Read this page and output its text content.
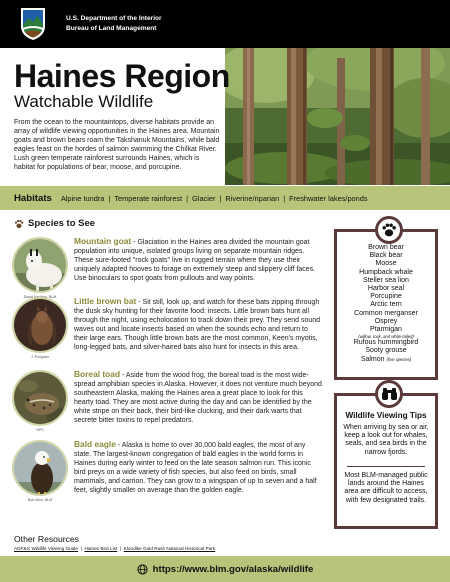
U.S. Department of the Interior
Bureau of Land Management
Haines Region
Watchable Wildlife

From the ocean to the mountaintops, diverse habitats provide an array of wildlife viewing opportunities in the Haines area. Mountain goats and brown bears roam the Takshanuk Mountains, while bald eagles feast on the hordes of salmon swimming the Chilkat River. Lush green temperate rainforest surrounds Haines, which is habitat for populations of bear, moose, and porcupine.

Habitats Alpine tundra | Temperate rainforest | Glacier | Riverine/riparian | Freshwater lakes/ponds
Species to See
David Nadolny, BLM

Mountain goat - Glaciation in the Haines area divided the mountain goat population into unique, isolated groups living on separate mountain ridges. These sure-footed "rock goats" live in rugged terrain where they use their uniquely adapted hooves to forage on extremely steep and slippery cliff faces. Use binoculars to spot goats from pullouts and way points.

J. Pongratz

Little brown bat - Sit still, look up, and watch for these bats zipping through the dusk sky hunting for their favorite food: insects. Little brown bats hunt all through the night, using echolocation to track down their prey. They send sound waves out and locate insects based on when the sounds echo and return to their large ears. Though little brown bats are the most common, Keen's myotis, long-legged bats, and silver-haired bats also hunt for insects in this area.

NPS

Boreal toad - Aside from the wood frog, the boreal toad is the most wide-spread amphibian species in Alaska. However, it does not venture much beyond southeastern Alaska, making the Haines area a great place to look for this hearty toad. They are most active during the day and can be identified by the white stripe on their back, their bird-like clucking, and their dark warts that secrete bitter toxins to repel predators.

Bob Wick, BLM

Bald eagle - Alaska is home to over 30,000 bald eagles, the most of any state. The largest-known congregation of bald eagles in the world forms in Haines during early winter to feed on the late season salmon run. This iconic bird preys on a wide variety of fish species, but also feed on birds, small mammals, and carrion. They can grow to a wingspan of up to seven and a half feet, slightly smaller on average than the golden eagle.

Brown bear
Black bear
Moose
Humpback whale
Steller sea lion
Harbor seal
Porcupine
Arctic tern
Common merganser
Osprey
Ptarmigan
(willow, rock, and white-tailed)
Rufous hummingbird
Sooty grouse
Salmon (five species)
Wildlife Viewing Tips

When arriving by sea or air, keep a look out for whales, seals, and sea birds in the narrow fjords.

Most BLM-managed public lands around the Haines area are difficult to access, with few designated trails.

Other Resources
ADF&G Wildlife Viewing Guide | Haines Bird List | Klondike Gold Rush National Historical Park
https://www.blm.gov/alaska/wildlife
